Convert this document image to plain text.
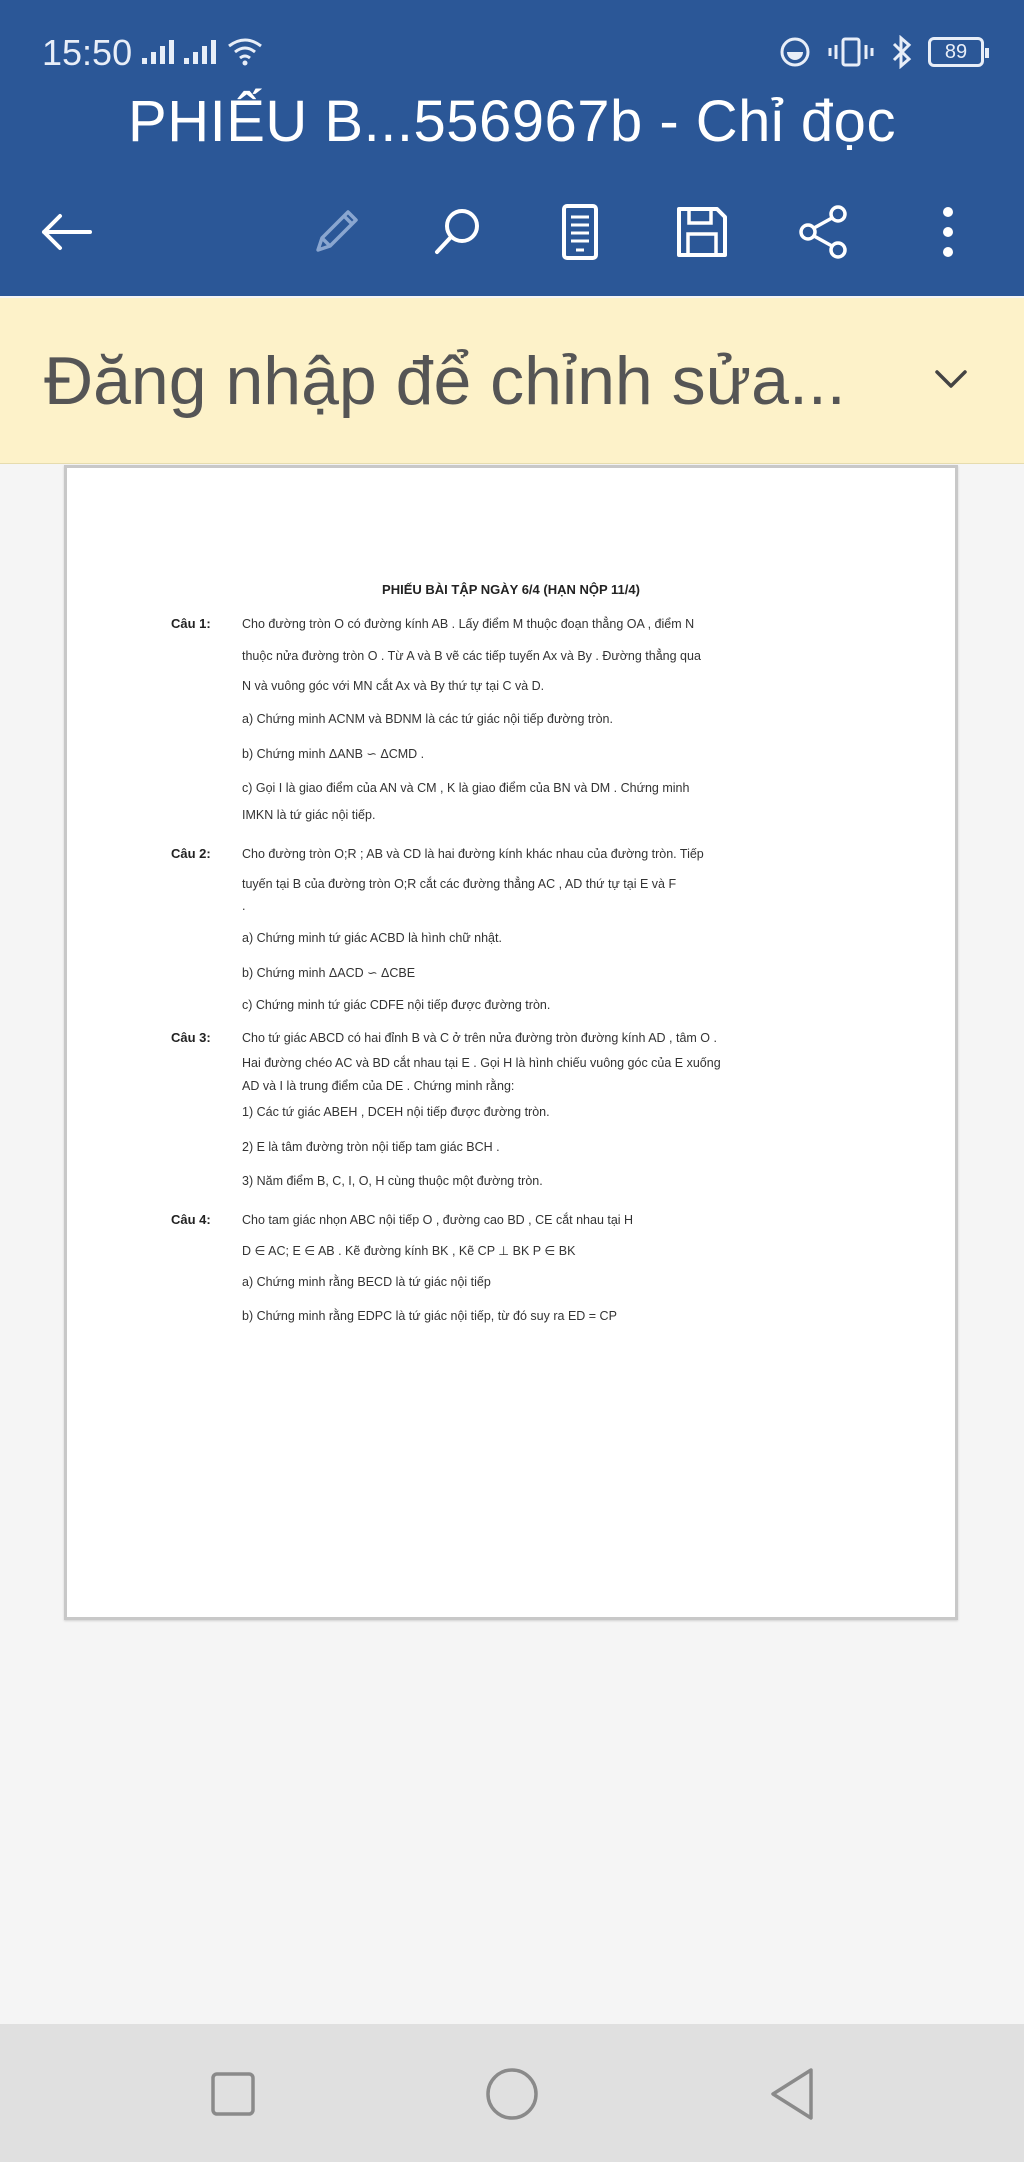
15:50	89
PHIẾU B...556967b - Chỉ đọc
Đăng nhập để chỉnh sửa...
PHIẾU BÀI TẬP NGÀY 6/4 (HẠN NỘP 11/4)
Câu 1:	Cho đường tròn O có đường kính AB . Lấy điểm M thuộc đoạn thẳng OA , điểm N
thuộc nửa đường tròn O . Từ A và B vẽ các tiếp tuyến Ax và By . Đường thẳng qua
N và vuông góc với MN cắt Ax và By thứ tự tại C và D.
a) Chứng minh ACNM và BDNM là các tứ giác nội tiếp đường tròn.
b) Chứng minh ΔANB ∽ ΔCMD .
c) Gọi I là giao điểm của AN và CM , K là giao điểm của BN và DM . Chứng minh
IMKN là tứ giác nội tiếp.
Câu 2:	Cho đường tròn O;R ; AB và CD là hai đường kính khác nhau của đường tròn. Tiếp
tuyến tại B của đường tròn O;R cắt các đường thẳng AC , AD thứ tự tại E và F
.
a) Chứng minh tứ giác ACBD là hình chữ nhật.
b) Chứng minh ΔACD ∽ ΔCBE
c) Chứng minh tứ giác CDFE nội tiếp được đường tròn.
Câu 3:	Cho tứ giác ABCD có hai đỉnh B và C ở trên nửa đường tròn đường kính AD , tâm O .
Hai đường chéo AC và BD cắt nhau tại E . Gọi H là hình chiếu vuông góc của E xuống
AD và I là trung điểm của DE . Chứng minh rằng:
1) Các tứ giác ABEH , DCEH nội tiếp được đường tròn.
2) E là tâm đường tròn nội tiếp tam giác BCH .
3) Năm điểm B, C, I, O, H cùng thuộc một đường tròn.
Câu 4:	Cho tam giác nhọn ABC nội tiếp O , đường cao BD , CE cắt nhau tại H
D ∈ AC; E ∈ AB . Kẽ đường kính BK , Kẽ CP ⊥ BK P ∈ BK
a) Chứng minh rằng BECD là tứ giác nội tiếp
b) Chứng minh rằng EDPC là tứ giác nội tiếp, từ đó suy ra ED = CP
